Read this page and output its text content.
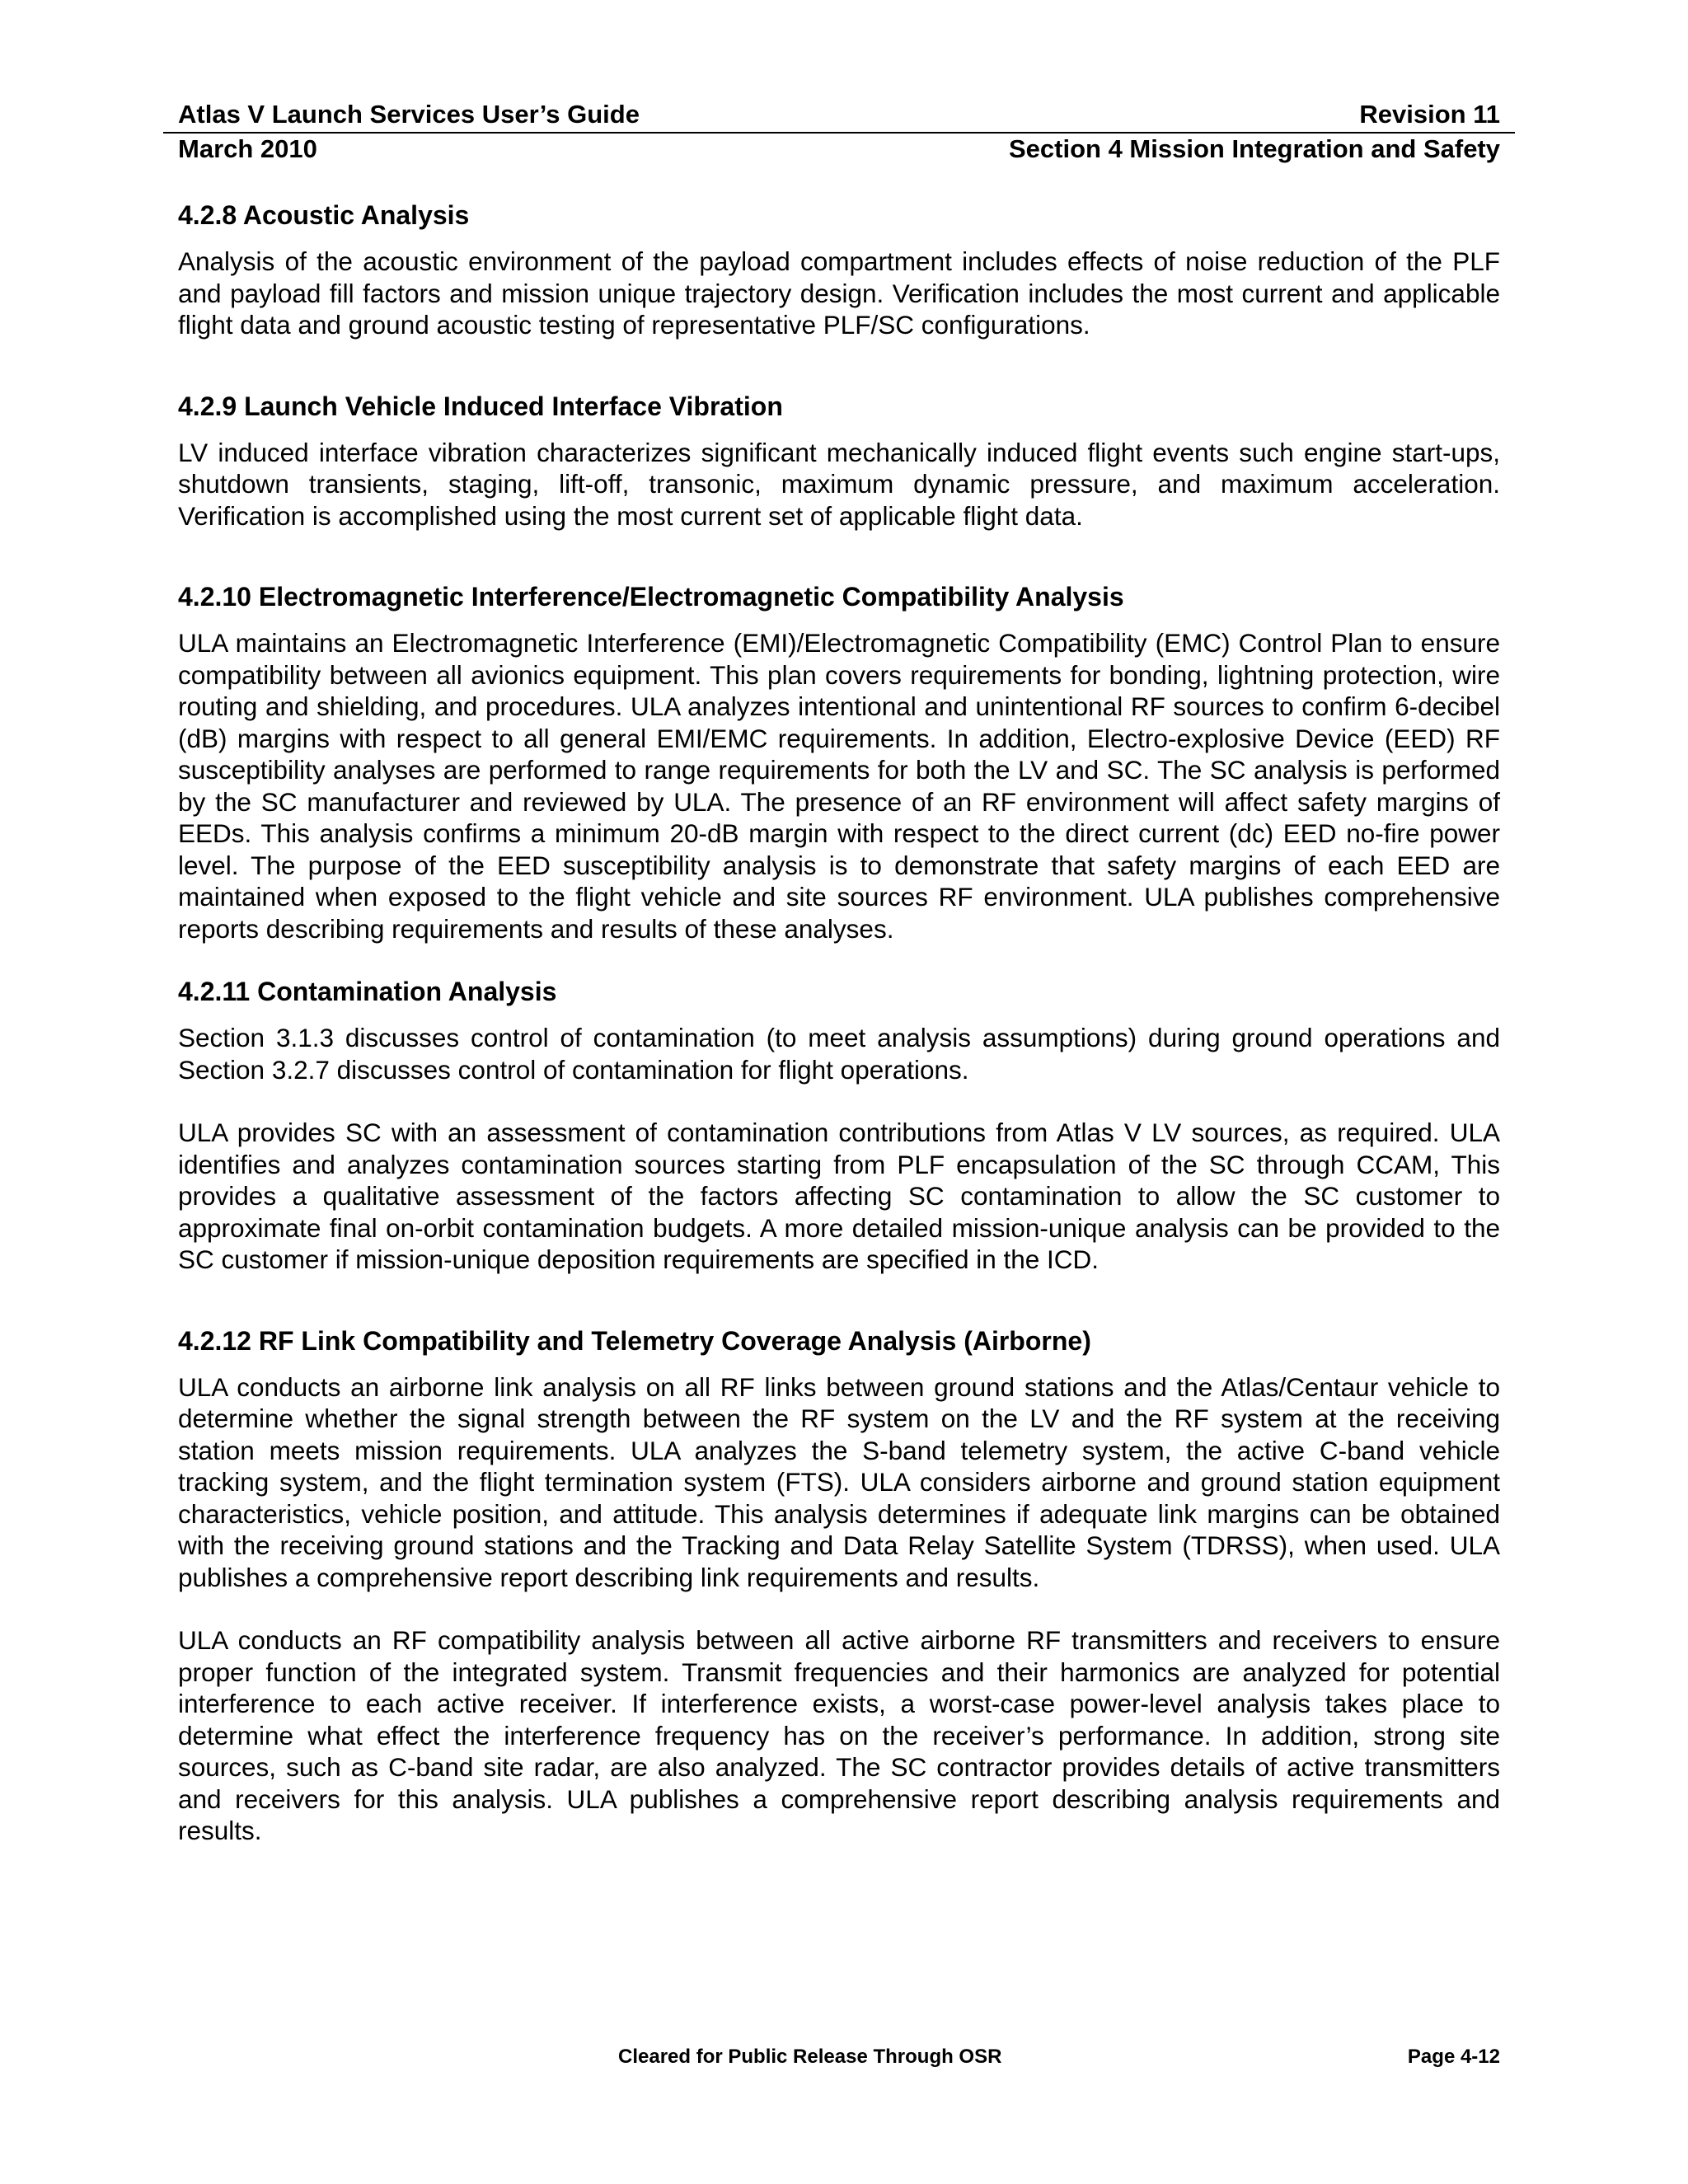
Atlas V Launch Services User’s Guide	Revision 11
March 2010	Section 4 Mission Integration and Safety
4.2.8 Acoustic Analysis

Analysis of the acoustic environment of the payload compartment includes effects of noise reduction of the PLF and payload fill factors and mission unique trajectory design. Verification includes the most current and applicable flight data and ground acoustic testing of representative PLF/SC configurations.

4.2.9 Launch Vehicle Induced Interface Vibration

LV induced interface vibration characterizes significant mechanically induced flight events such engine start-ups, shutdown transients, staging, lift-off, transonic, maximum dynamic pressure, and maximum acceleration. Verification is accomplished using the most current set of applicable flight data.

4.2.10 Electromagnetic Interference/Electromagnetic Compatibility Analysis

ULA maintains an Electromagnetic Interference (EMI)/Electromagnetic Compatibility (EMC) Control Plan to ensure compatibility between all avionics equipment. This plan covers requirements for bonding, lightning protection, wire routing and shielding, and procedures. ULA analyzes intentional and unintentional RF sources to confirm 6-decibel (dB) margins with respect to all general EMI/EMC requirements. In addition, Electro-explosive Device (EED) RF susceptibility analyses are performed to range requirements for both the LV and SC. The SC analysis is performed by the SC manufacturer and reviewed by ULA. The presence of an RF environment will affect safety margins of EEDs. This analysis confirms a minimum 20-dB margin with respect to the direct current (dc) EED no-fire power level. The purpose of the EED susceptibility analysis is to demonstrate that safety margins of each EED are maintained when exposed to the flight vehicle and site sources RF environment. ULA publishes comprehensive reports describing requirements and results of these analyses.

4.2.11 Contamination Analysis

Section 3.1.3 discusses control of contamination (to meet analysis assumptions) during ground operations and Section 3.2.7 discusses control of contamination for flight operations.

ULA provides SC with an assessment of contamination contributions from Atlas V LV sources, as required. ULA identifies and analyzes contamination sources starting from PLF encapsulation of the SC through CCAM, This provides a qualitative assessment of the factors affecting SC contamination to allow the SC customer to approximate final on-orbit contamination budgets. A more detailed mission-unique analysis can be provided to the SC customer if mission-unique deposition requirements are specified in the ICD.

4.2.12 RF Link Compatibility and Telemetry Coverage Analysis (Airborne)

ULA conducts an airborne link analysis on all RF links between ground stations and the Atlas/Centaur vehicle to determine whether the signal strength between the RF system on the LV and the RF system at the receiving station meets mission requirements. ULA analyzes the S-band telemetry system, the active C-band vehicle tracking system, and the flight termination system (FTS). ULA considers airborne and ground station equipment characteristics, vehicle position, and attitude. This analysis determines if adequate link margins can be obtained with the receiving ground stations and the Tracking and Data Relay Satellite System (TDRSS), when used. ULA publishes a comprehensive report describing link requirements and results.

ULA conducts an RF compatibility analysis between all active airborne RF transmitters and receivers to ensure proper function of the integrated system. Transmit frequencies and their harmonics are analyzed for potential interference to each active receiver. If interference exists, a worst-case power-level analysis takes place to determine what effect the interference frequency has on the receiver’s performance. In addition, strong site sources, such as C-band site radar, are also analyzed. The SC contractor provides details of active transmitters and receivers for this analysis. ULA publishes a comprehensive report describing analysis requirements and results.

Cleared for Public Release Through OSR	Page 4-12
